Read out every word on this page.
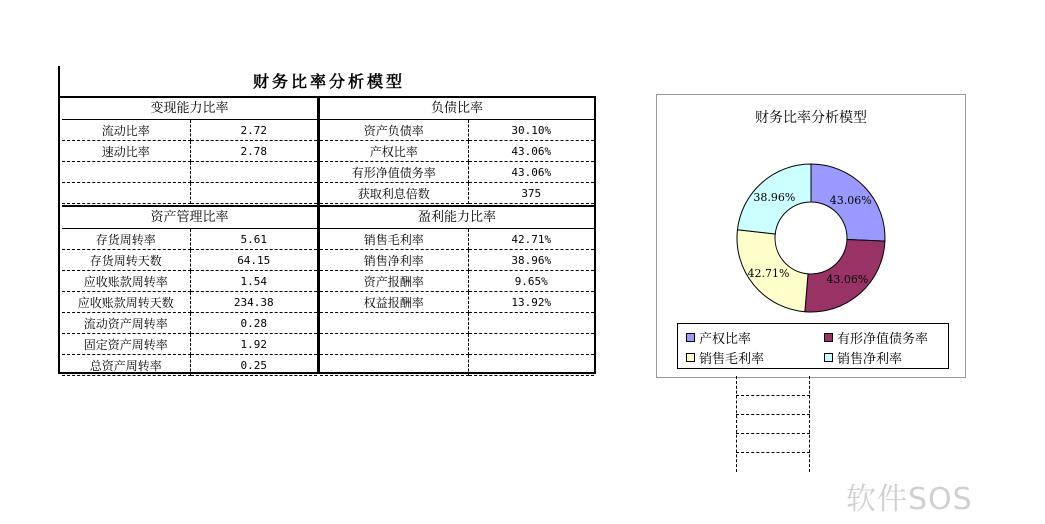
财务比率分析模型
变现能力比率
流动比率	2.72
速动比率	2.78

负债比率
资产负债率	30.10%
产权比率	43.06%
有形净值债务率	43.06%
获取利息倍数	375
资产管理比率
存货周转率	5.61
存货周转天数	64.15
应收账款周转率	1.54
应收账款周转天数	234.38
流动资产周转率	0.28
固定资产周转率	1.92
总资产周转率	0.25
盈利能力比率
销售毛利率	42.71%
销售净利率	38.96%
资产报酬率	9.65%
权益报酬率	13.92%

财务比率分析模型
43.06%
43.06%
42.71%
38.96%
产权比率	有形净值债务率
销售毛利率	销售净利率
软件SOS
